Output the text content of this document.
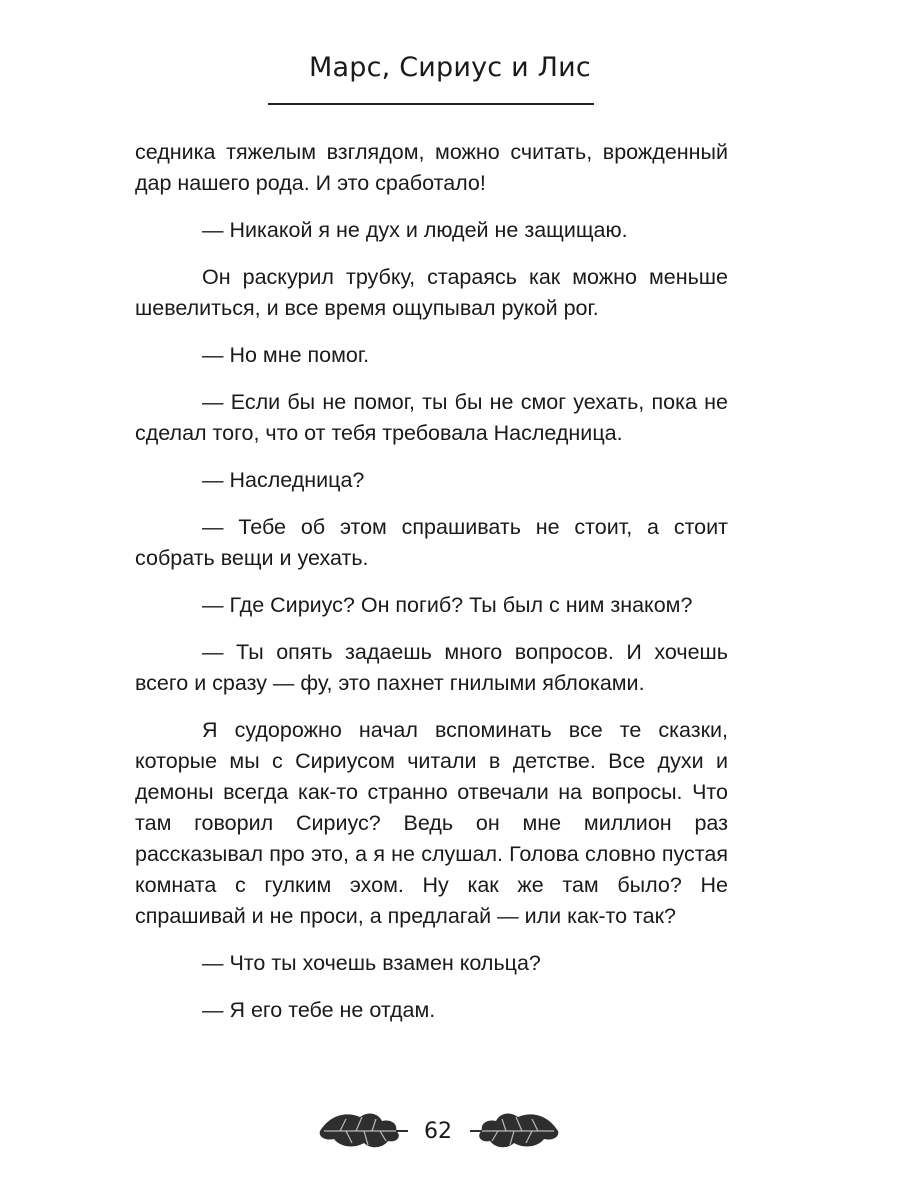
Марс, Сириус и Лис

седника тяжелым взглядом, можно считать, врожденный дар нашего рода. И это сработало!

— Никакой я не дух и людей не защищаю.

Он раскурил трубку, стараясь как можно меньше шевелиться, и все время ощупывал рукой рог.

— Но мне помог.

— Если бы не помог, ты бы не смог уехать, пока не сделал того, что от тебя требовала Наследница.

— Наследница?

— Тебе об этом спрашивать не стоит, а стоит собрать вещи и уехать.

— Где Сириус? Он погиб? Ты был с ним знаком?

— Ты опять задаешь много вопросов. И хочешь всего и сразу — фу, это пахнет гнилыми яблоками.

Я судорожно начал вспоминать все те сказки, которые мы с Сириусом читали в детстве. Все духи и демоны всегда как-то странно отвечали на вопросы. Что там говорил Сириус? Ведь он мне миллион раз рассказывал про это, а я не слушал. Голова словно пустая комната с гулким эхом. Ну как же там было? Не спрашивай и не проси, а предлагай — или как-то так?

— Что ты хочешь взамен кольца?

— Я его тебе не отдам.

62
